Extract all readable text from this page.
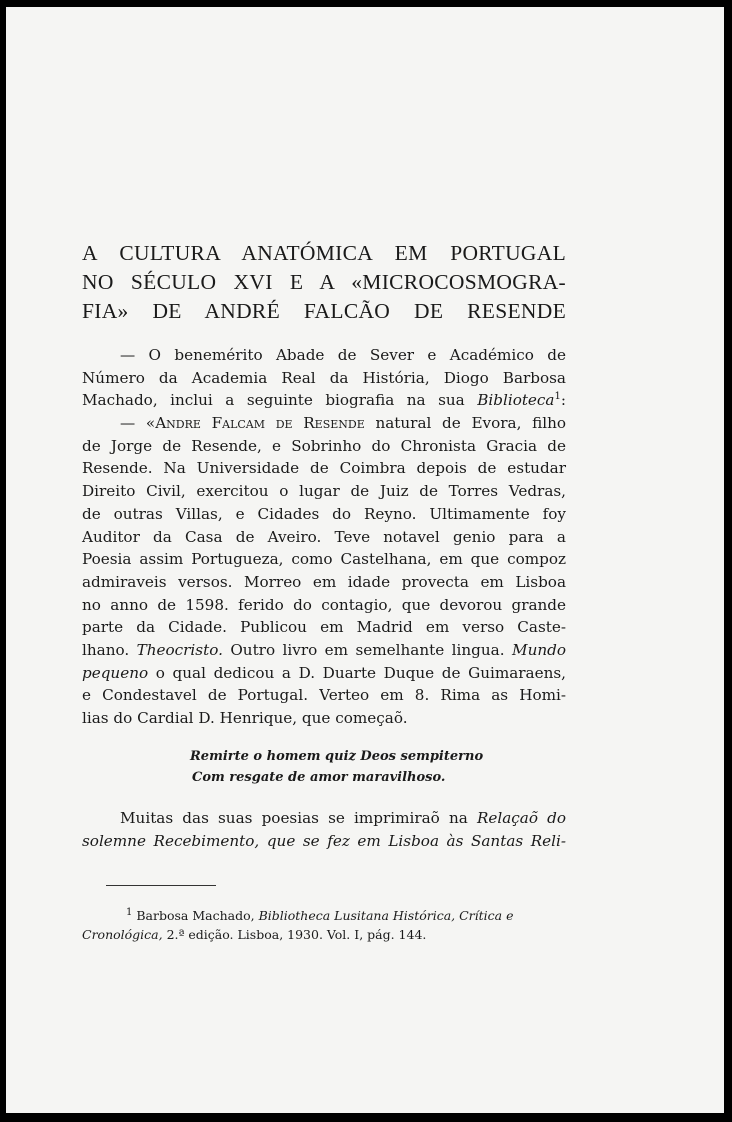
A CULTURA ANATÓMICA EM PORTUGAL
NO SÉCULO XVI E A «MICROCOSMOGRA-
FIA» DE ANDRÉ FALCÃO DE RESENDE
— O benemérito Abade de Sever e Académico de
Número da Academia Real da História, Diogo Barbosa
Machado, inclui a seguinte biografia na sua Biblioteca$^1$:
— «Andre Falcam de Resende natural de Evora, filho
de Jorge de Resende, e Sobrinho do Chronista Gracia de
Resende. Na Universidade de Coimbra depois de estudar
Direito Civil, exercitou o lugar de Juiz de Torres Vedras,
de outras Villas, e Cidades do Reyno. Ultimamente foy
Auditor da Casa de Aveiro. Teve notavel genio para a
Poesia assim Portugueza, como Castelhana, em que compoz
admiraveis versos. Morreo em idade provecta em Lisboa
no anno de 1598. ferido do contagio, que devorou grande
parte da Cidade. Publicou em Madrid em verso Caste-
lhano. Theocristo. Outro livro em semelhante lingua. Mundo
pequeno o qual dedicou a D. Duarte Duque de Guimaraens,
e Condestavel de Portugal. Verteo em 8. Rima as Homi-
lias do Cardial D. Henrique, que começaõ.
Remirte o homem quiz Deos sempiterno
Com resgate de amor maravilhoso.
Muitas das suas poesias se imprimiraõ na Relaçaõ do
solemne Recebimento, que se fez em Lisboa às Santas Reli-
$^1$ Barbosa Machado, Bibliotheca Lusitana Histórica, Crítica e
Cronológica, 2.ª edição. Lisboa, 1930. Vol. I, pág. 144.
